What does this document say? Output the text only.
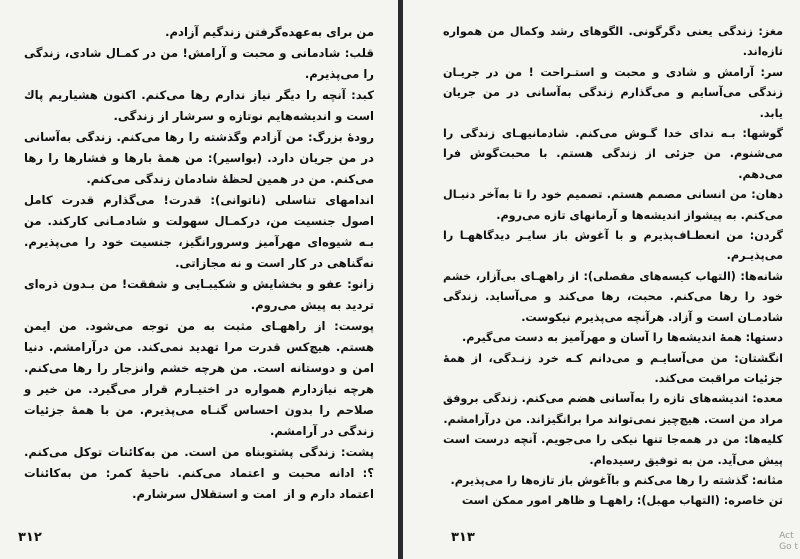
من برای به‌عهده‌گرفتن زندگیم آزادم.

قلب: شادمانی و محبت و آرامش! من در کمـال شادی، زندگی را می‌پذیرم.

کبد: آنچه را دیگر نیاز ندارم رها می‌کنم. اکنون هشیاریم پاك است و اندیشه‌هایم نوتازه و سرشار از زندگی.

رودهٔ بزرگ: من آزادم وگذشته را رها می‌کنم. زندگی به‌آسانی در من جریان دارد. (بواسیر): من همهٔ بارها و فشارها را رها می‌کنم. من در همین لحظهٔ شادمان زندگی می‌کنم.

اندامهای تناسلی (ناتوانی): قدرت! می‌گذارم قدرت کامل اصول جنسیت من، درکمـال سهولت و شادمـانی کارکند. من بـه شیوه‌ای مهرآمیز وسرورانگیز، جنسیت خود را می‌پذیرم. نه‌گناهی در کار است و نه مجازاتی.

زانو: عفو و بخشایش و شکیبـایی و شفقت! من بـدون ذره‌ای تردید به پیش می‌روم.

پوست: از راههـای مثبت به من توجه می‌شود. من ایمن هستم. هیچ‌کس قدرت مرا تهدید نمی‌کند. من درآرامشم. دنیا امن و دوستانه است. من هرچه خشم وانزجار را رها می‌کنم. هرچه نیازدارم همواره در اختیـارم قرار می‌گیرد. من خیر و صلاحم را بدون احساس گنـاه می‌پذیرم. من با همهٔ جزئیات زندگی در آرامشم.

پشت: زندگی پشتوبناه من است. من به‌کائنات توکل می‌کنم. ؟: ادانه محبت و اعتماد می‌کنم. ناحیهٔ کمر: من به‌کائنات اعتماد دارم و از ‌ امت و استقلال سرشارم.

۳۱۲

مغز: زندگی یعنی دگرگونی. الگوهای رشد وکمال من همواره تازه‌اند.

سر: آرامش و شادی و محبت و استـراحت ! من در جریـان زندگی می‌آسایم و می‌گذارم زندگی به‌آسانی در من جریان یابد.

گوشها: بـه ندای خدا گـوش می‌کنم. شادمانیهـای زندگی را می‌شنوم. من جزئی از زندگی هستم. با محبت‌گوش فرا می‌دهم.

دهان: من انسانی مصمم هستم. تصمیم خود را تا به‌آخر دنبـال می‌کنم. به پیشواز اندیشه‌ها و آرمانهای تازه می‌روم.

گردن: من انعطـاف‌پذیرم و با آغوش باز سایـر دیدگاههـا را می‌پذیـرم.

شانه‌ها: (التهاب کیسه‌های مفصلی): از راههـای بی‌آزار، خشم خود را رها می‌کنم. محبت، رها می‌کند و می‌آساید. زندگی شادمـان است و آزاد. هرآنچه می‌پذیرم نیکوست.

دستها: همهٔ اندیشه‌ها را آسان و مهرآمیز به دست می‌گیرم.

انگشتان: من می‌آسایـم و می‌دانم کـه خرد زنـدگی، از همهٔ جزئیات مراقبت می‌کند.

معده: اندیشه‌های تازه را به‌آسانی هضم می‌کنم. زندگی بروفق مراد من است. هیچ‌چیز نمی‌تواند مرا برانگیزاند. من درآرامشم.

کلیه‌ها: من در همه‌جا تنها نیکی را می‌جویم. آنچه درست است پیش می‌آید. من به توفیق رسیده‌ام.

مثانه: گذشته را رها می‌کنم و باآغوش باز تازه‌ها را می‌پذیرم.

تن خاصره: (التهاب مهبل): راههـا و ظاهر امور ممکن است

۳۱۳	Act
Go t
